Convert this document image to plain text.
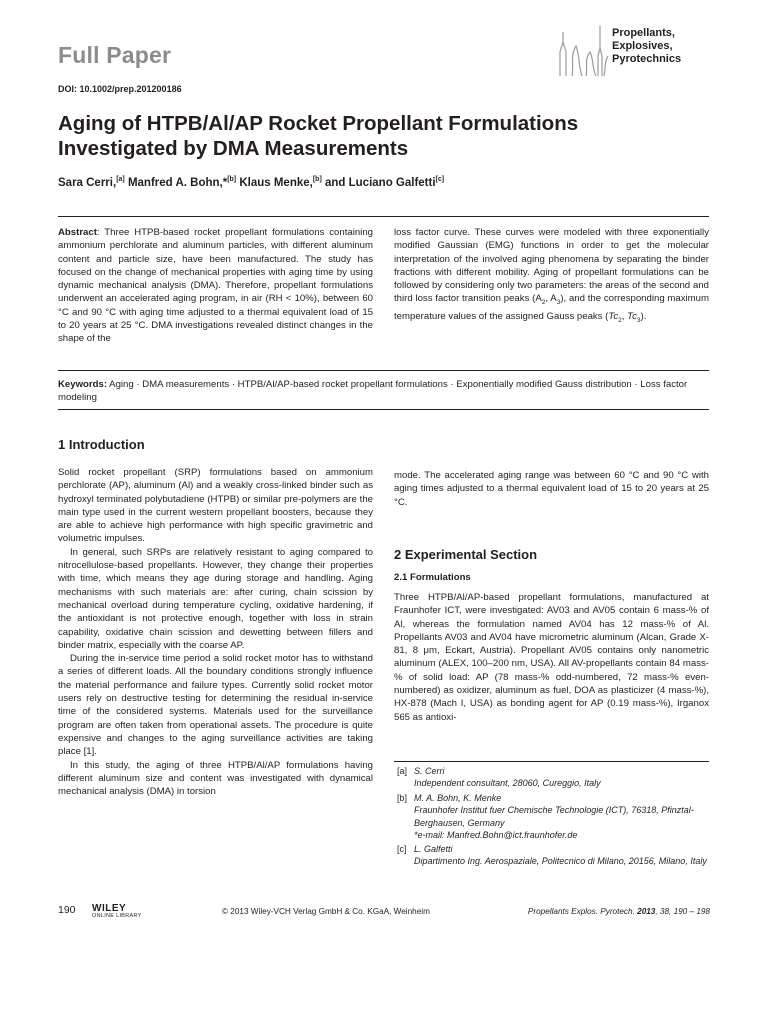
Full Paper
Propellants,
Explosives,
Pyrotechnics
DOI: 10.1002/prep.201200186
Aging of HTPB/Al/AP Rocket Propellant Formulations
Investigated by DMA Measurements
Sara Cerri,[a] Manfred A. Bohn,*[b] Klaus Menke,[b] and Luciano Galfetti[c]
Abstract: Three HTPB-based rocket propellant formulations containing ammonium perchlorate and aluminum particles, with different aluminum content and particle size, have been manufactured. The study has focused on the change of mechanical properties with aging time by using dynamic mechanical analysis (DMA). Therefore, propellant formulations underwent an accelerated aging program, in air (RH < 10%), between 60 °C and 90 °C with aging time adjusted to a thermal equivalent load of 15 to 20 years at 25 °C. DMA investigations revealed distinct changes in the shape of the
loss factor curve. These curves were modeled with three exponentially modified Gaussian (EMG) functions in order to get the molecular interpretation of the involved aging phenomena by separating the binder fractions with different mobility. Aging of propellant formulations can be followed by considering only two parameters: the areas of the second and third loss factor transition peaks ($A_2$, $A_3$), and the corresponding maximum temperature values of the assigned Gauss peaks ($Tc_2$, $Tc_3$).
Keywords: Aging · DMA measurements · HTPB/Al/AP-based rocket propellant formulations · Exponentially modified Gauss distribution · Loss factor modeling
1 Introduction

Solid rocket propellant (SRP) formulations based on ammonium perchlorate (AP), aluminum (Al) and a weakly cross-linked binder such as hydroxyl terminated polybutadiene (HTPB) or similar pre-polymers are the main type used in the current western propellant boosters, because they are able to achieve high performance with high specific gravimetric and volumetric impulses.

In general, such SRPs are relatively resistant to aging compared to nitrocellulose-based propellants. However, they change their properties with time, which means they age during storage and handling. Aging mechanisms with such materials are: after curing, chain scission by mechanical overload during temperature cycling, oxidative hardening, if the antioxidant is not protective enough, together with loss in strain capability, oxidative chain scission and dewetting between fillers and binder matrix, especially with the coarse AP.

During the in-service time period a solid rocket motor has to withstand a series of different loads. All the boundary conditions strongly influence the material performance and failure types. Currently solid rocket motor users rely on destructive testing for determining the residual in-service time of the considered systems. Materials used for the surveillance program are often taken from operational assets. The procedure is quite expensive and changes to the aging surveillance activities are taking place [1].

In this study, the aging of three HTPB/Al/AP formulations having different aluminum size and content was investigated with dynamical mechanical analysis (DMA) in torsion

mode. The accelerated aging range was between 60 °C and 90 °C with aging times adjusted to a thermal equivalent load of 15 to 20 years at 25 °C.
2 Experimental Section
2.1 Formulations
Three HTPB/Al/AP-based propellant formulations, manufactured at Fraunhofer ICT, were investigated: AV03 and AV05 contain 6 mass-% of Al, whereas the formulation named AV04 has 12 mass-% of Al. Propellants AV03 and AV04 have micrometric aluminum (Alcan, Grade X-81, 8 μm, Eckart, Austria). Propellant AV05 contains only nanometric aluminum (ALEX, 100–200 nm, USA). All AV-propellants contain 84 mass-% of solid load: AP (78 mass-% odd-numbered, 72 mass-% even-numbered) as oxidizer, aluminum as fuel, DOA as plasticizer (4 mass-%), HX-878 (Mach I, USA) as bonding agent for AP (0.19 mass-%), Irganox 565 as antioxi-
[a] S. Cerri
Independent consultant, 28060, Cureggio, Italy
[b] M. A. Bohn, K. Menke
Fraunhofer Institut fuer Chemische Technologie (ICT), 76318, Pfinztal-Berghausen, Germany
*e-mail: Manfred.Bohn@ict.fraunhofer.de
[c] L. Galfetti
Dipartimento Ing. Aerospaziale, Politecnico di Milano, 20156, Milano, Italy
190 WILEY
ONLINE LIBRARY	© 2013 Wiley-VCH Verlag GmbH & Co. KGaA, Weinheim	Propellants Explos. Pyrotech. 2013, 38, 190 – 198
